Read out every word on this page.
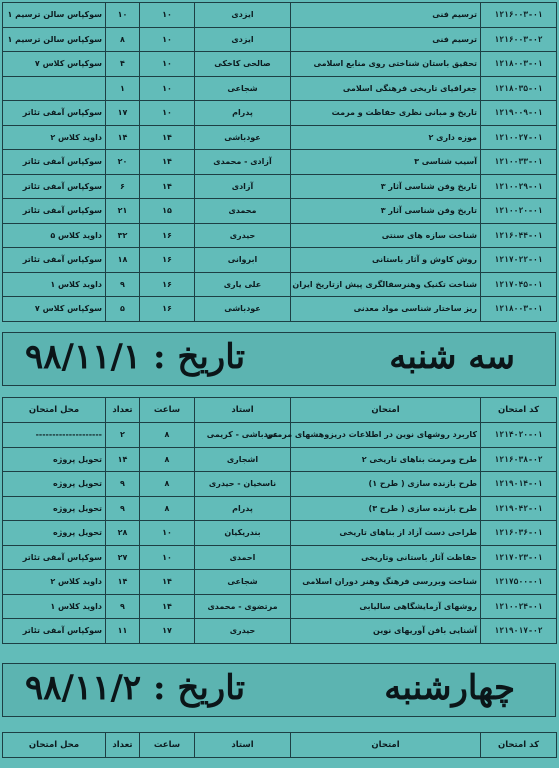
۱۲۱۶۰۰۳-۰۱	ترسیم فنی	ایزدی	۱۰	۱۰	سوکپاس سالن ترسیم ۱
۱۲۱۶۰۰۳-۰۲	ترسیم فنی	ایزدی	۱۰	۸	سوکپاس سالن ترسیم ۱
۱۲۱۸۰۰۳-۰۱	تحقیق باستان شناختی روی منابع اسلامی	صالحی کاخکی	۱۰	۴	سوکپاس کلاس ۷
۱۲۱۸۰۳۵-۰۱	جغرافیای تاریخی فرهنگی اسلامی	شجاعی	۱۰	۱	
۱۲۱۹۰۰۹-۰۱	تاریخ و مبانی نظری حفاظت و مرمت	پدرام	۱۰	۱۷	سوکپاس آمفی تئاتر
۱۲۱۰۰۲۷-۰۱	موزه داری ۲	عودباشی	۱۴	۱۴	داوید کلاس ۲
۱۲۱۰۰۳۳-۰۱	آسیب شناسی ۳	آزادی - محمدی	۱۴	۲۰	سوکپاس آمفی تئاتر
۱۲۱۰۰۲۹-۰۱	تاریخ وفن شناسی آثار ۳	آزادی	۱۴	۶	سوکپاس آمفی تئاتر
۱۲۱۰۰۲۰-۰۱	تاریخ وفن شناسی آثار ۳	محمدی	۱۵	۲۱	سوکپاس آمفی تئاتر
۱۲۱۶۰۴۴-۰۱	شناخت سازه های سنتی	حیدری	۱۶	۳۲	داوید کلاس ۵
۱۲۱۷۰۲۲-۰۱	روش کاوش و آثار باستانی	ابروانی	۱۶	۱۸	سوکپاس آمفی تئاتر
۱۲۱۷۰۴۵-۰۱	شناخت تکنیک وهنرسفالگری پیش ازتاریخ ایران	علی یاری	۱۶	۹	داوید کلاس ۱
۱۲۱۸۰۰۳-۰۱	ریز ساختار شناسی مواد معدنی	عودباشی	۱۶	۵	سوکپاس کلاس ۷
سه شنبه
تاریخ : ۹۸/۱۱/۱
کد امتحان	امتحان	استاد	ساعت	تعداد	محل امتحان
۱۲۱۴۰۲۰-۰۱	کاربرد روشهای نوین در اطلاعات دریزوهشهای مرمتی	عودباشی - کریمی	۸	۲	--------------------
۱۲۱۶۰۳۸-۰۲	طرح ومرمت بناهای تاریخی ۲	اشجاری	۸	۱۴	تحویل پروژه
۱۲۱۹۰۱۴-۰۱	طرح بازنده سازی ( طرح ۱)	ناسخیان - حیدری	۸	۹	تحویل پروژه
۱۲۱۹۰۴۲-۰۱	طرح بازنده سازی ( طرح ۳)	پدرام	۸	۹	تحویل پروژه
۱۲۱۶۰۳۶-۰۱	طراحی دست آزاد از بناهای تاریخی	بندریکیان	۱۰	۲۸	تحویل پروژه
۱۲۱۷۰۲۳-۰۱	حفاظت آثار باستانی وتاریخی	احمدی	۱۰	۲۷	سوکپاس آمفی تئاتر
۱۲۱۷۵۰۰-۰۱	شناخت وبررسی فرهنگ وهنر دوران اسلامی	شجاعی	۱۴	۱۴	داوید کلاس ۲
۱۲۱۰۰۲۴-۰۱	روشهای آزمایشگاهی سالیابی	مرتضوی - محمدی	۱۴	۹	داوید کلاس ۱
۱۲۱۹۰۱۷-۰۲	آشنایی بافن آوریهای نوین	حیدری	۱۷	۱۱	سوکپاس آمفی تئاتر
چهارشنبه
تاریخ : ۹۸/۱۱/۲
کد امتحان	امتحان	استاد	ساعت	تعداد	محل امتحان
